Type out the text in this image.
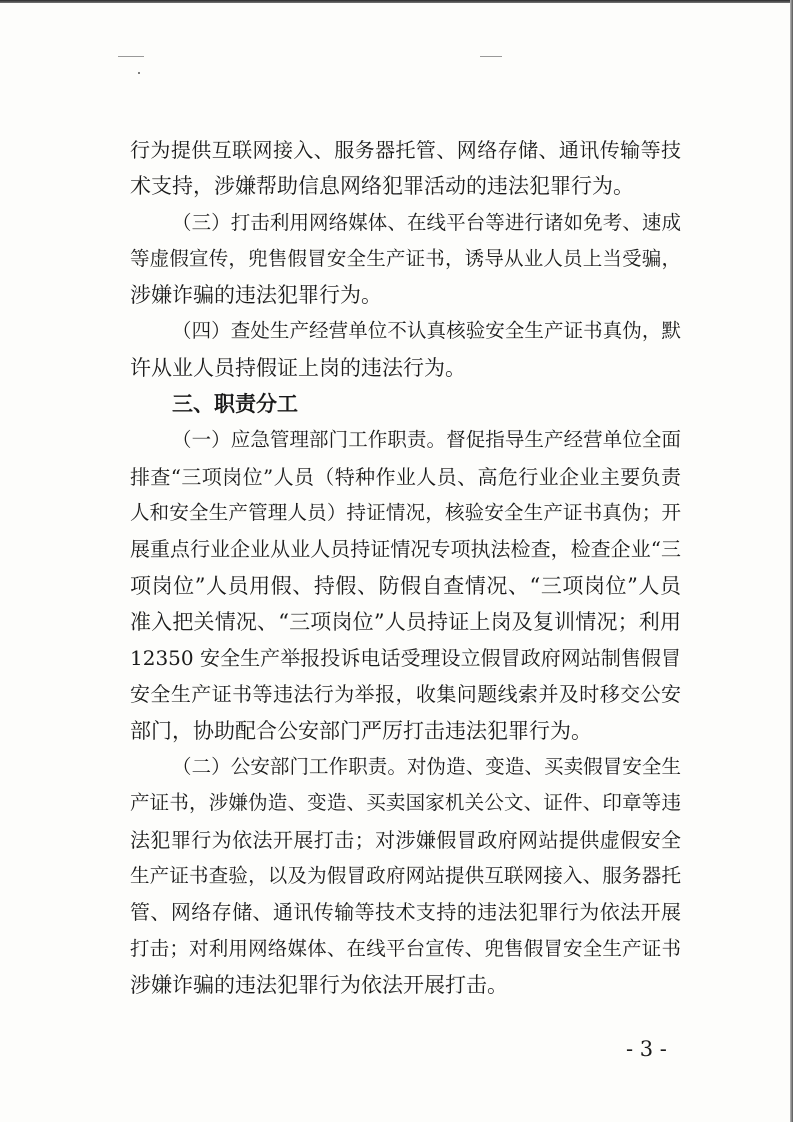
行为提供互联网接入、服务器托管、网络存储、通讯传输等技
术支持，涉嫌帮助信息网络犯罪活动的违法犯罪行为。
（三）打击利用网络媒体、在线平台等进行诸如免考、速成
等虚假宣传，兜售假冒安全生产证书，诱导从业人员上当受骗，
涉嫌诈骗的违法犯罪行为。
（四）查处生产经营单位不认真核验安全生产证书真伪，默
许从业人员持假证上岗的违法行为。
三、职责分工
（一）应急管理部门工作职责。督促指导生产经营单位全面
排查“三项岗位”人员（特种作业人员、高危行业企业主要负责
人和安全生产管理人员）持证情况，核验安全生产证书真伪；开
展重点行业企业从业人员持证情况专项执法检查，检查企业“三
项岗位”人员用假、持假、防假自查情况、“三项岗位”人员
准入把关情况、“三项岗位”人员持证上岗及复训情况；利用
12350 安全生产举报投诉电话受理设立假冒政府网站制售假冒
安全生产证书等违法行为举报，收集问题线索并及时移交公安
部门，协助配合公安部门严厉打击违法犯罪行为。
（二）公安部门工作职责。对伪造、变造、买卖假冒安全生
产证书，涉嫌伪造、变造、买卖国家机关公文、证件、印章等违
法犯罪行为依法开展打击；对涉嫌假冒政府网站提供虚假安全
生产证书查验，以及为假冒政府网站提供互联网接入、服务器托
管、网络存储、通讯传输等技术支持的违法犯罪行为依法开展
打击；对利用网络媒体、在线平台宣传、兜售假冒安全生产证书
涉嫌诈骗的违法犯罪行为依法开展打击。
- 3 -
